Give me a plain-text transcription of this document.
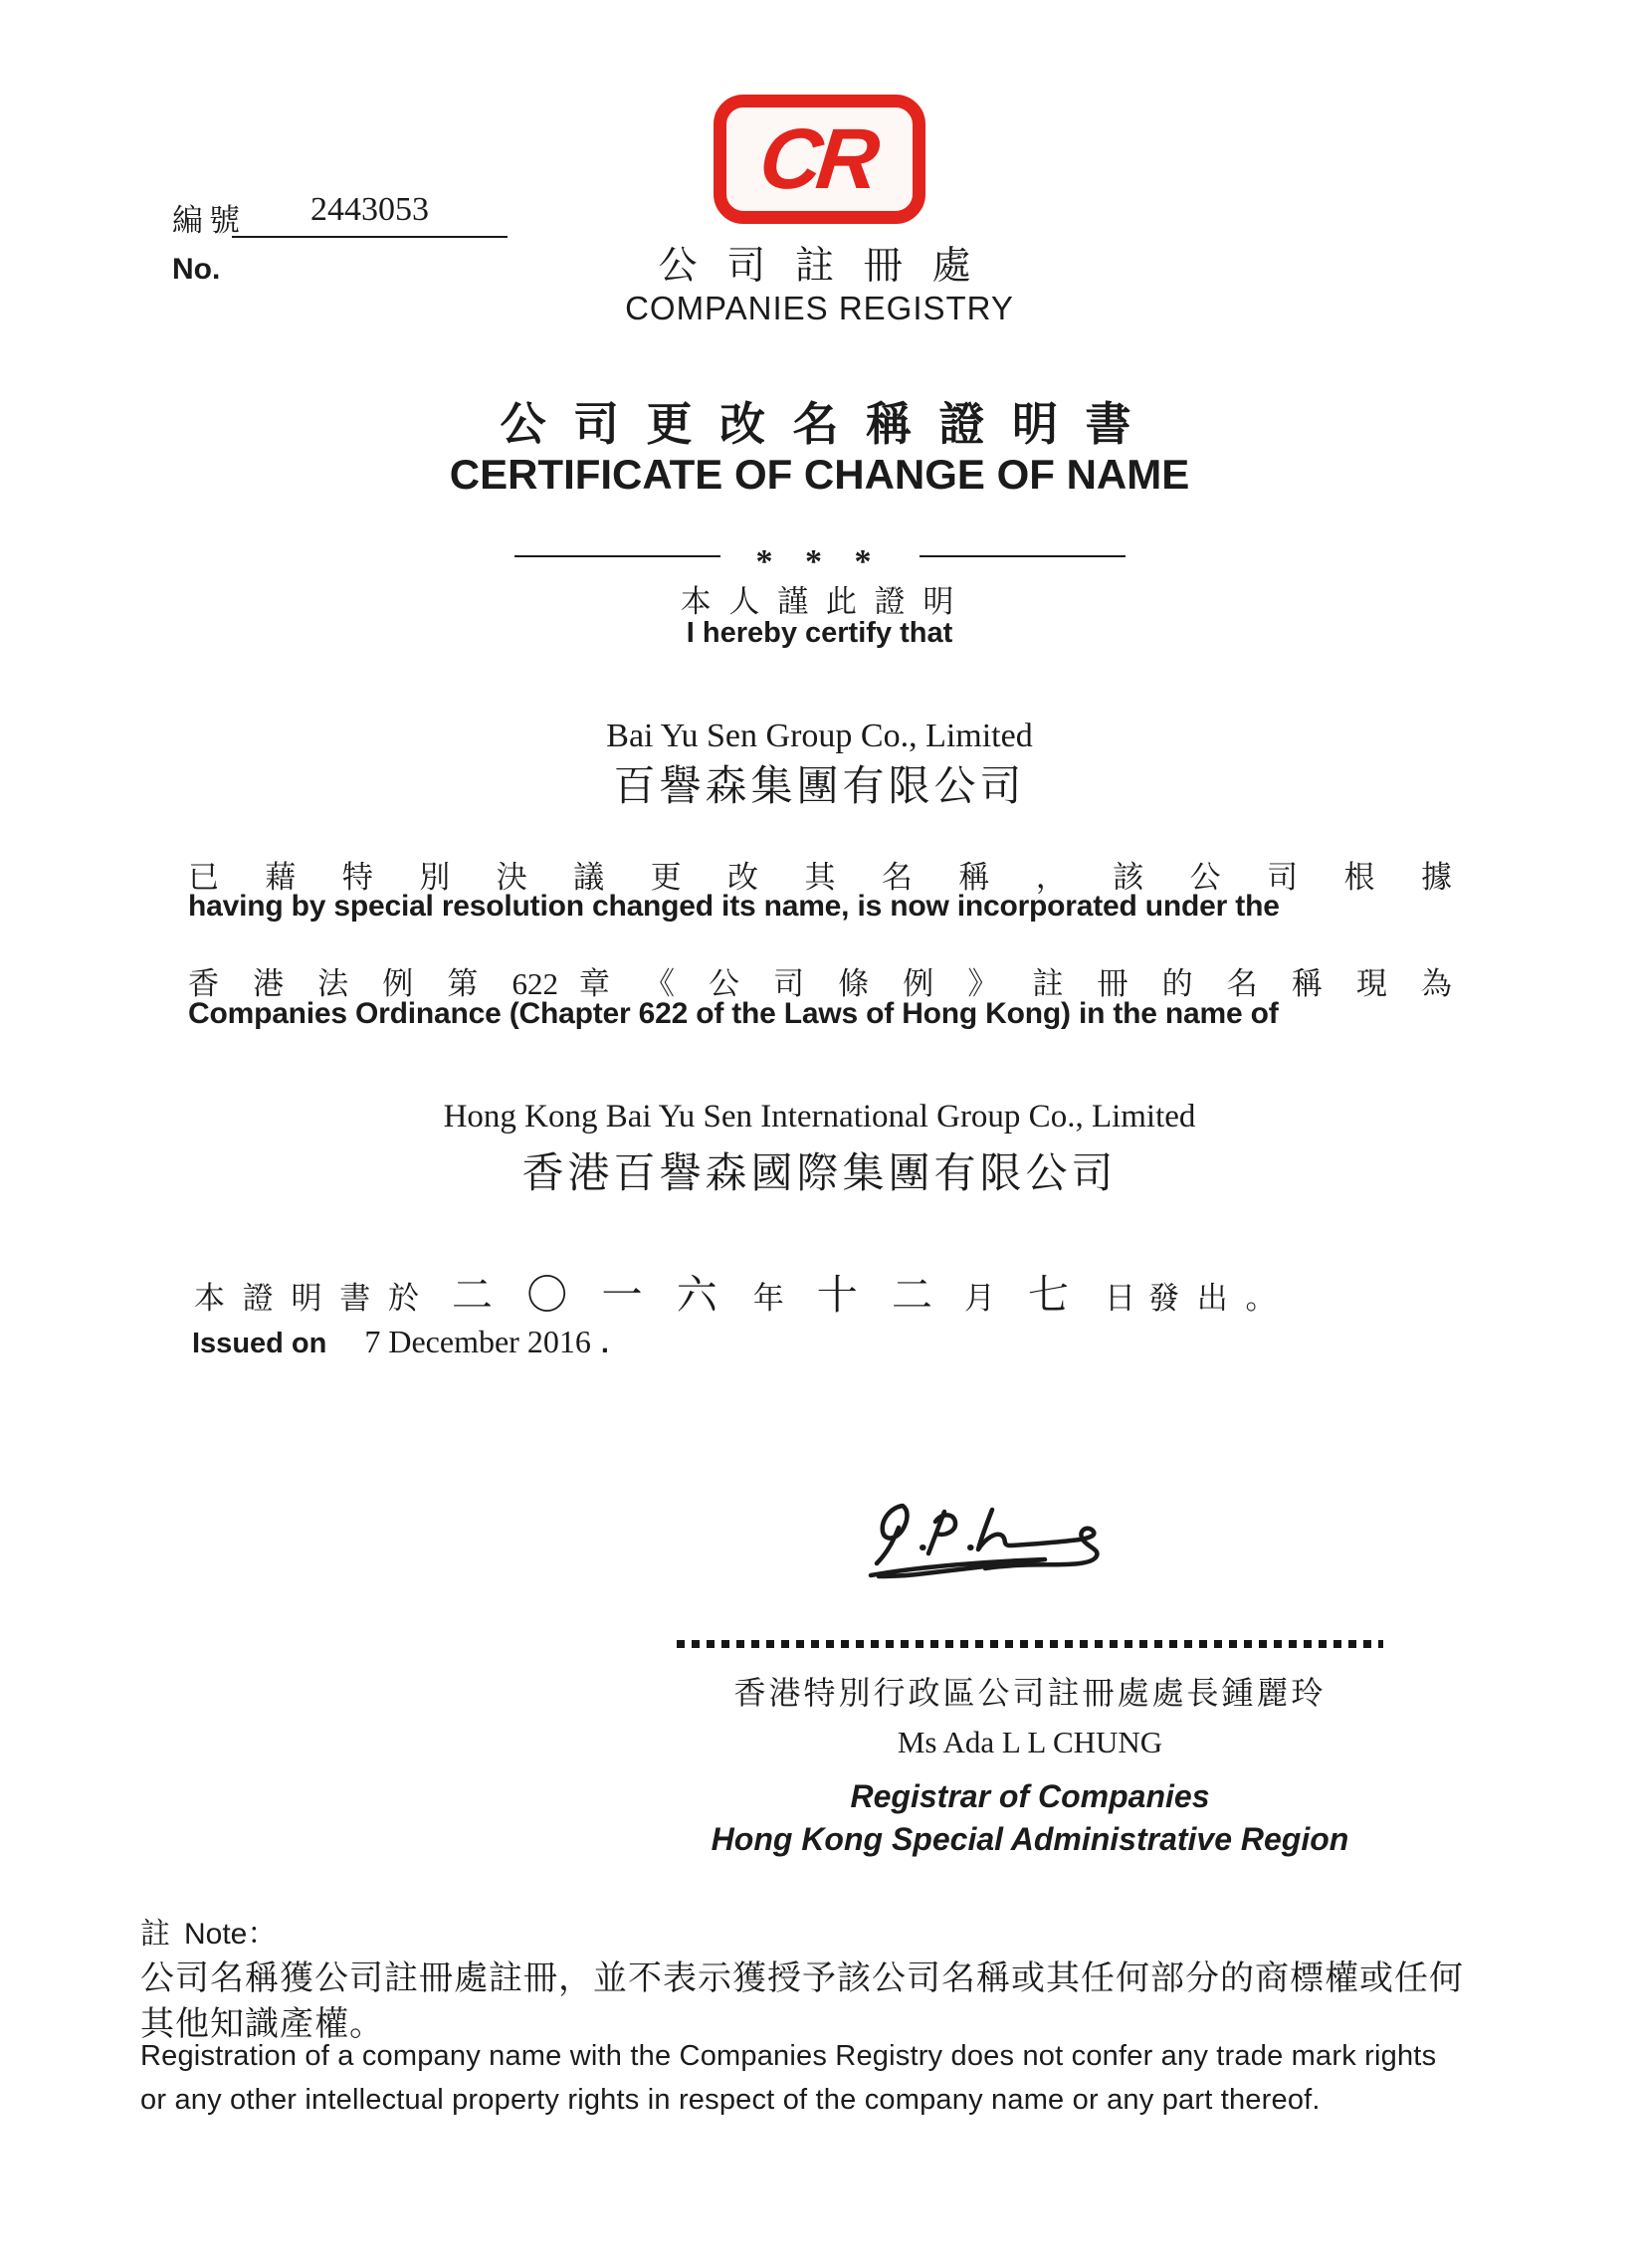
編號	2443053
No.
CR
公 司 註 冊 處
COMPANIES REGISTRY
公 司 更 改 名 稱 證 明 書
CERTIFICATE OF CHANGE OF NAME
* * *
本 人 謹 此 證 明
I hereby certify that
Bai Yu Sen Group Co., Limited
百譽森集團有限公司
已 藉 特 別 決 議 更 改 其 名 稱 ， 該 公 司 根 據
having by special resolution changed its name, is now incorporated under the
香 港 法 例 第 622 章 《 公 司 條 例 》 註 冊 的 名 稱 現 為
Companies Ordinance (Chapter 622 of the Laws of Hong Kong) in the name of
Hong Kong Bai Yu Sen International Group Co., Limited
香港百譽森國際集團有限公司
本 證 明 書 於 二 〇 一 六 年 十 二 月 七 日 發 出 。
Issued on 7 December 2016 .
香港特別行政區公司註冊處處長鍾麗玲
Ms Ada L L CHUNG
Registrar of Companies
Hong Kong Special Administrative Region
註 Note：
公司名稱獲公司註冊處註冊，並不表示獲授予該公司名稱或其任何部分的商標權或任何
其他知識產權。
Registration of a company name with the Companies Registry does not confer any trade mark rights
or any other intellectual property rights in respect of the company name or any part thereof.
